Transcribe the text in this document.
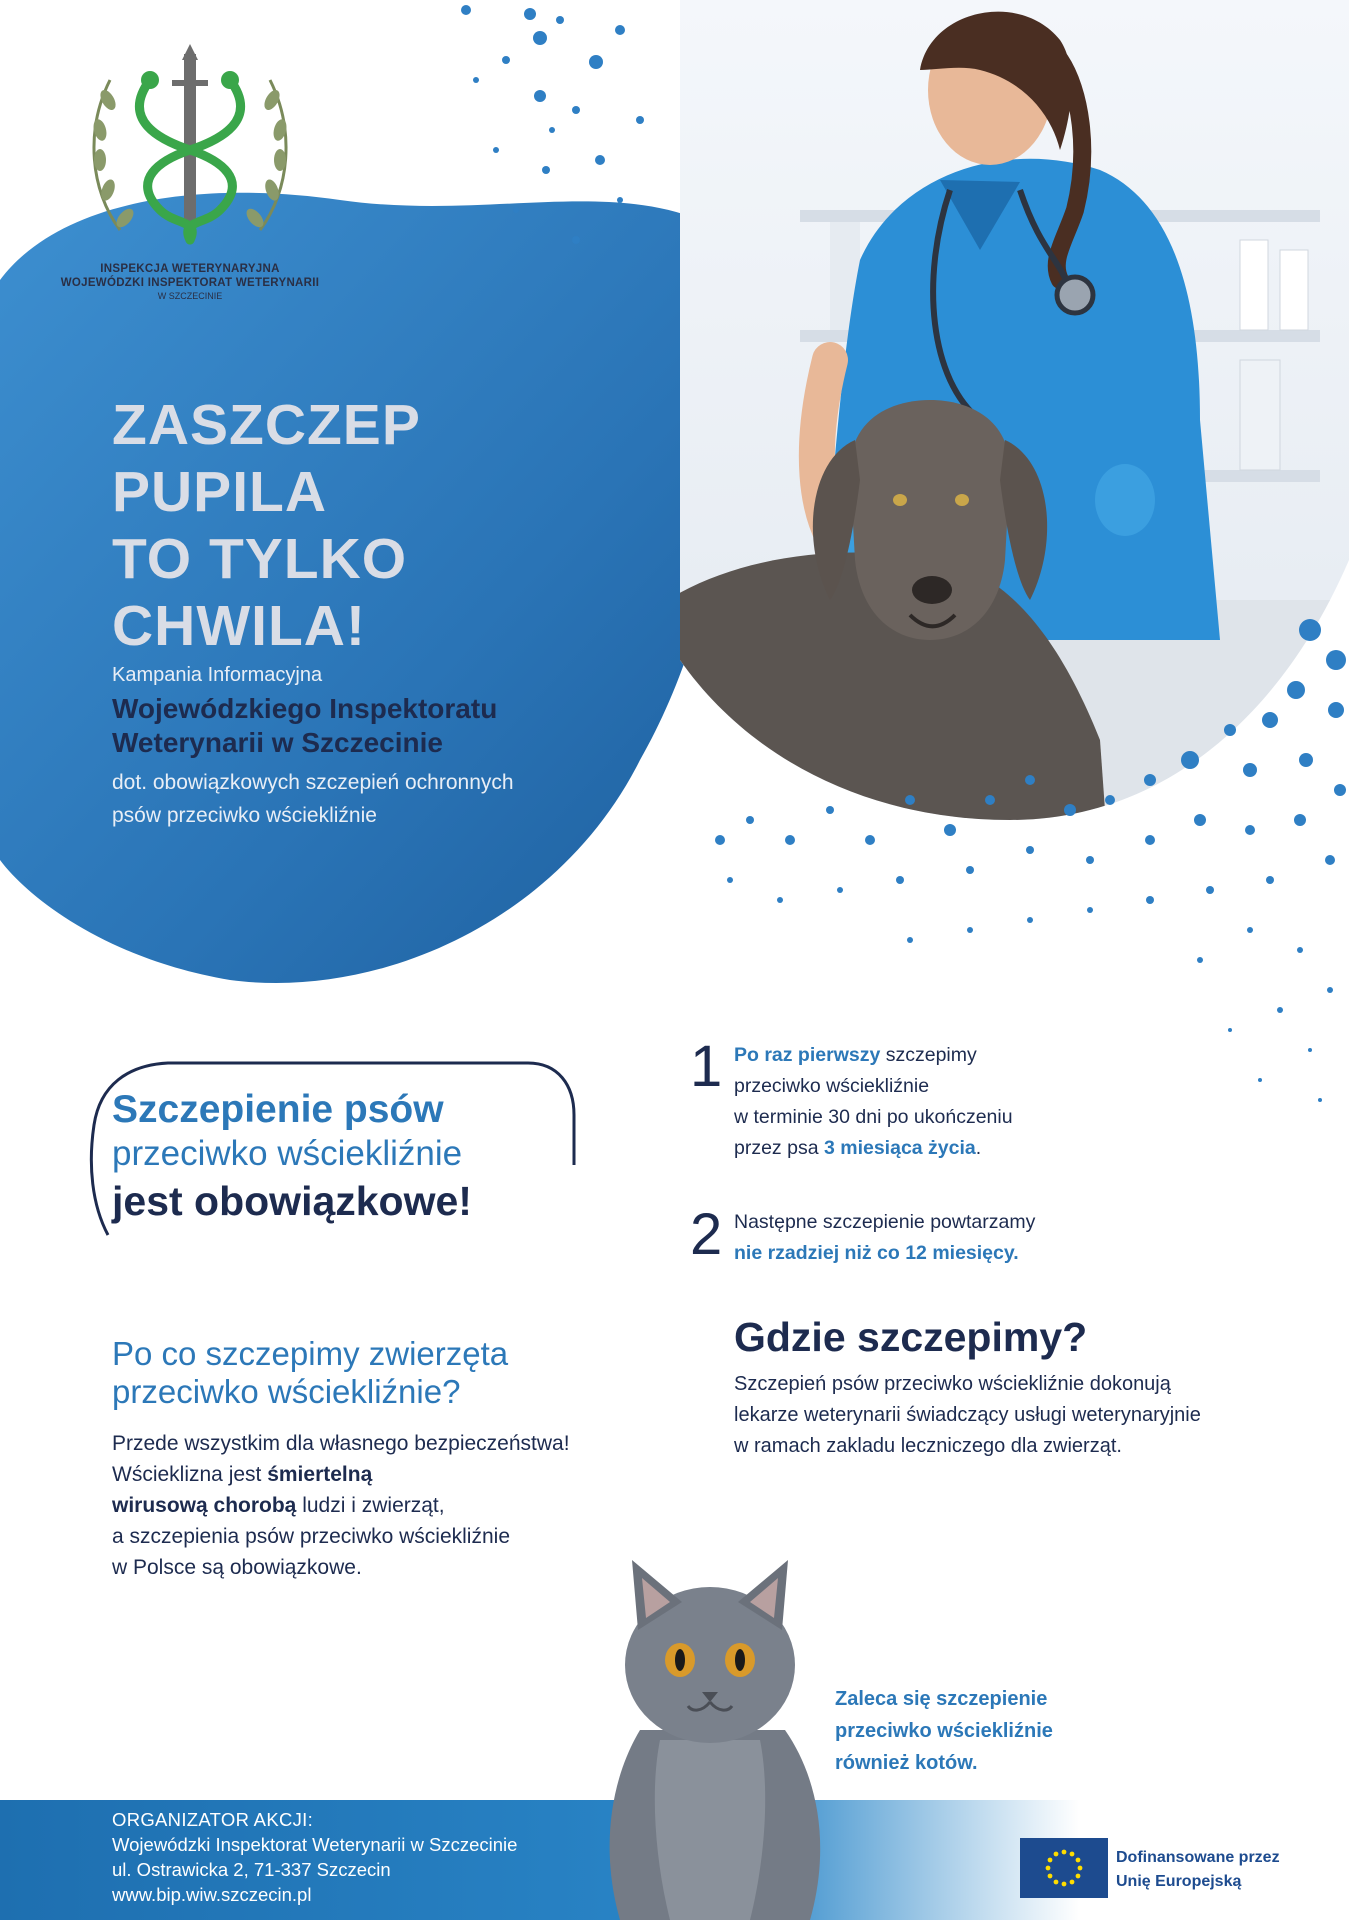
INSPEKCJA WETERYNARYJNA
WOJEWÓDZKI INSPEKTORAT WETERYNARII
W SZCZECINIE
ZASZCZEP
PUPILA
TO TYLKO
CHWILA!
Kampania Informacyjna
Wojewódzkiego Inspektoratu
Weterynarii w Szczecinie
dot. obowiązkowych szczepień ochronnych
psów przeciwko wściekliźnie
Szczepienie psów
przeciwko wściekliźnie
jest obowiązkowe!
1 Po raz pierwszy szczepimy
przeciwko wściekliźnie
w terminie 30 dni po ukończeniu
przez psa 3 miesiąca życia.
2 Następne szczepienie powtarzamy
nie rzadziej niż co 12 miesięcy.
Po co szczepimy zwierzęta
przeciwko wściekliźnie?
Przede wszystkim dla własnego bezpieczeństwa!
Wścieklizna jest śmiertelną
wirusową chorobą ludzi i zwierząt,
a szczepienia psów przeciwko wściekliźnie
w Polsce są obowiązkowe.
Gdzie szczepimy?
Szczepień psów przeciwko wściekliźnie dokonują
lekarze weterynarii świadczący usługi weterynaryjnie
w ramach zakladu leczniczego dla zwierząt.
Zaleca się szczepienie
przeciwko wściekliźnie
również kotów.
ORGANIZATOR AKCJI:
Wojewódzki Inspektorat Weterynarii w Szczecinie
ul. Ostrawicka 2, 71-337 Szczecin
www.bip.wiw.szczecin.pl
Dofinansowane przez
Unię Europejską
